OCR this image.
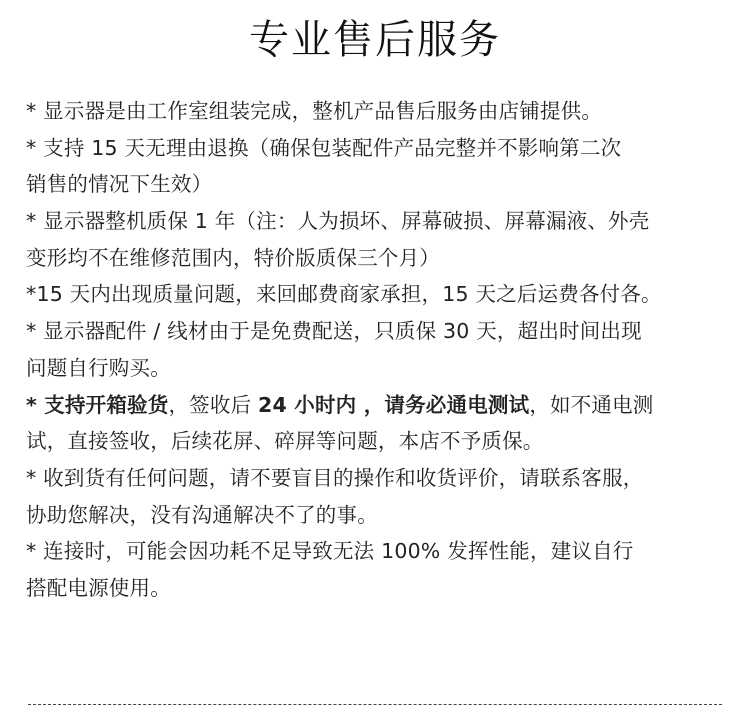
专业售后服务
* 显示器是由工作室组装完成，整机产品售后服务由店铺提供。
* 支持 15 天无理由退换（确保包装配件产品完整并不影响第二次
销售的情况下生效）
* 显示器整机质保 1 年（注：人为损坏、屏幕破损、屏幕漏液、外壳
变形均不在维修范围内，特价版质保三个月）
*15 天内出现质量问题，来回邮费商家承担，15 天之后运费各付各。
* 显示器配件 / 线材由于是免费配送，只质保 30 天，超出时间出现
问题自行购买。
* 支持开箱验货，签收后 24 小时内 ，请务必通电测试，如不通电测
试，直接签收，后续花屏、碎屏等问题，本店不予质保。
* 收到货有任何问题，请不要盲目的操作和收货评价，请联系客服，
协助您解决，没有沟通解决不了的事。
* 连接时，可能会因功耗不足导致无法 100% 发挥性能，建议自行
搭配电源使用。
